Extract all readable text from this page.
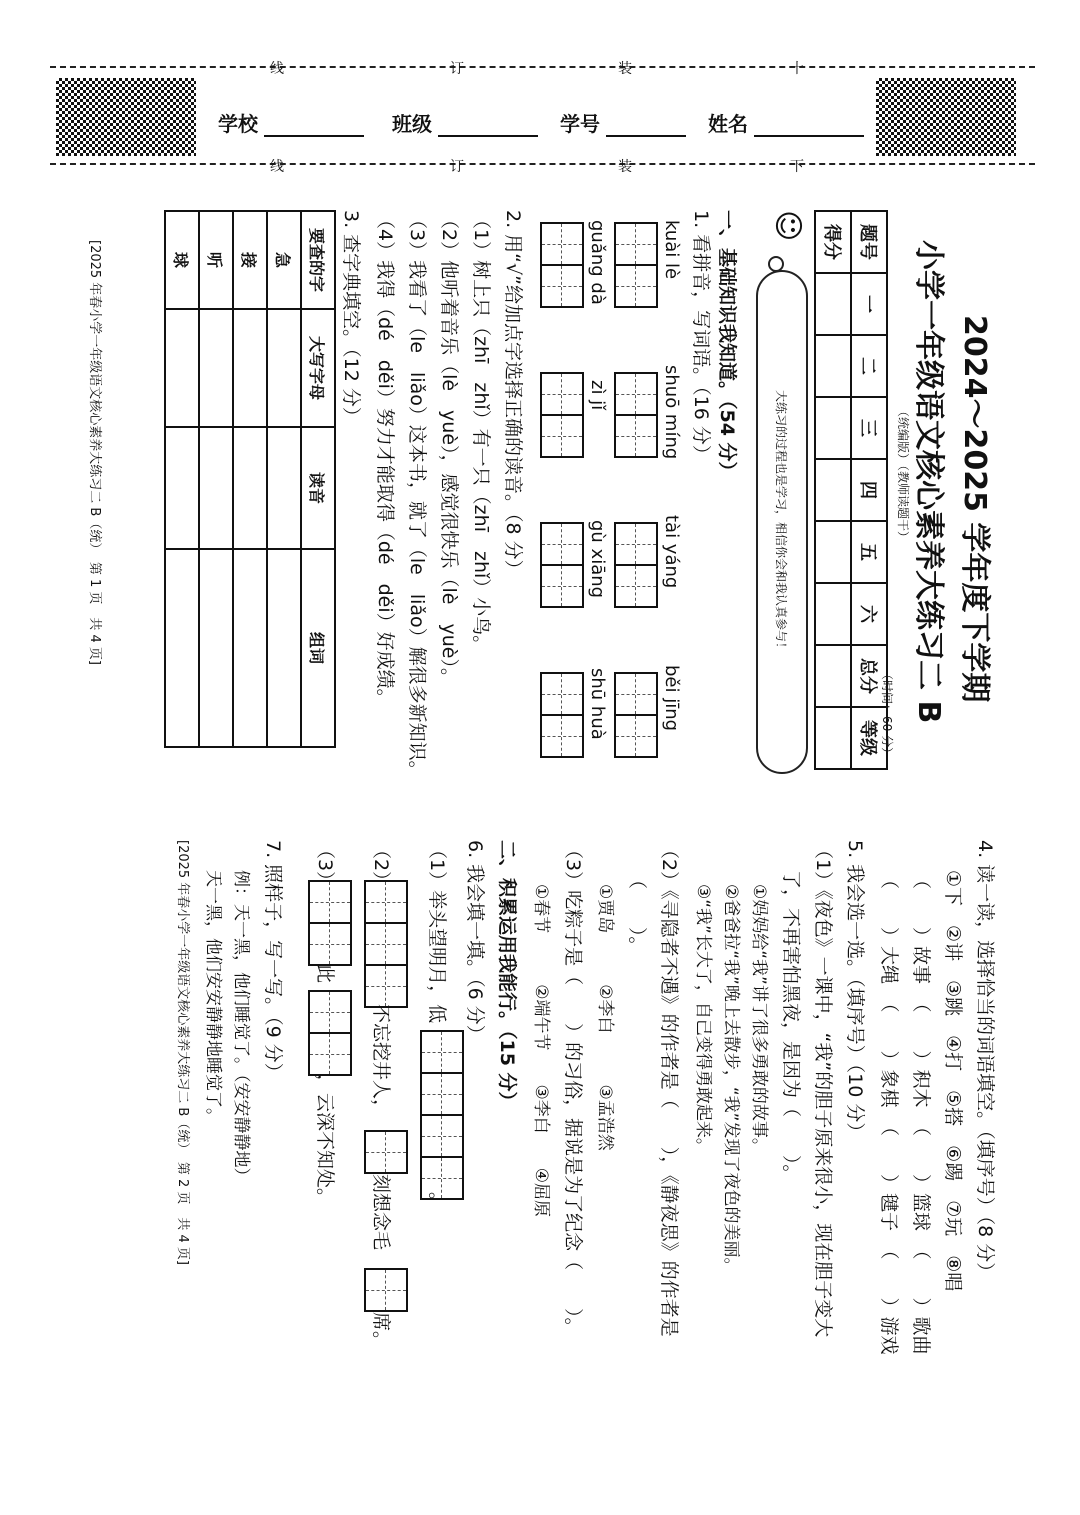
线	订	装	十
线	订	装	下
学校	班级	学号	姓名
2024～2025 学年度下学期
小学一年级语文核心素养大练习二 B
（统编版）（教师读题干）
（时间：60 分）
题号	一	二	三	四	五	六	总分	等级
得分								
☺
大练习的过程也是学习，相信你会和我认真参与！
一、基础知识我知道。（54 分）
1. 看拼音，写词语。（16 分）
kuài lè
shuō míng
tài yáng
běi jīng
guǎng dà
zì jǐ
gù xiāng
shū huà
2. 用“√”给加点字选择正确的读音。（8 分）
（1）树上只（zhī　zhǐ）有一只（zhī　zhǐ）小鸟。
（2）他听着音乐（lè　yuè），感觉很快乐（lè　yuè）。
（3）我看了（le　liǎo）这本书，就了（le　liǎo）解很多新知识。
（4）我得（dé　děi）努力才能取得（dé　děi）好成绩。
3. 查字典填空。（12 分）
要查的字	大写字母	读音	组词
急			
接			
听			
球			
[2025 年春小学一年级语文核心素养大练习二 B（统）　第 1 页　共 4 页]
4. 读一读，选择恰当的词语填空。（填序号）（8 分）
①下　②讲　③跳　④打　⑤搭　⑥踢　⑦玩　⑧唱
（　　）故事　（　　）积木　（　　）篮球　（　　）歌曲
（　　）大绳　（　　）象棋　（　　）毽子　（　　）游戏
5. 我会选一选。（填序号）（10 分）
（1）《夜色》一课中，“我”的胆子原来很小，现在胆子变大
了，不再害怕黑夜，是因为（　　）。
①妈妈给“我”讲了很多勇敢的故事。
②爸爸拉“我”晚上去散步，“我”发现了夜色的美丽。
③“我”长大了，自己变得勇敢起来。
（2）《寻隐者不遇》的作者是（　　），《静夜思》的作者是
（　　）。
①贾岛　　　②李白　　　③孟浩然
（3）吃粽子是（　　）的习俗，据说是为了纪念（　　）。
①春节　　　②端午节　　③李白　　④屈原
二、积累运用我能行。（15 分）
6. 我会填一填。（6 分）
（1）举头望明月，低
。
（2）
不忘挖井人，
刻想念毛
席。
（3）
此
，云深不知处。
7. 照样子，写一写。（9 分）
例：天一黑，他们睡觉了。（安安静静地）
天一黑，他们安安静静地睡觉了。
[2025 年春小学一年级语文核心素养大练习二 B（统）　第 2 页　共 4 页]
